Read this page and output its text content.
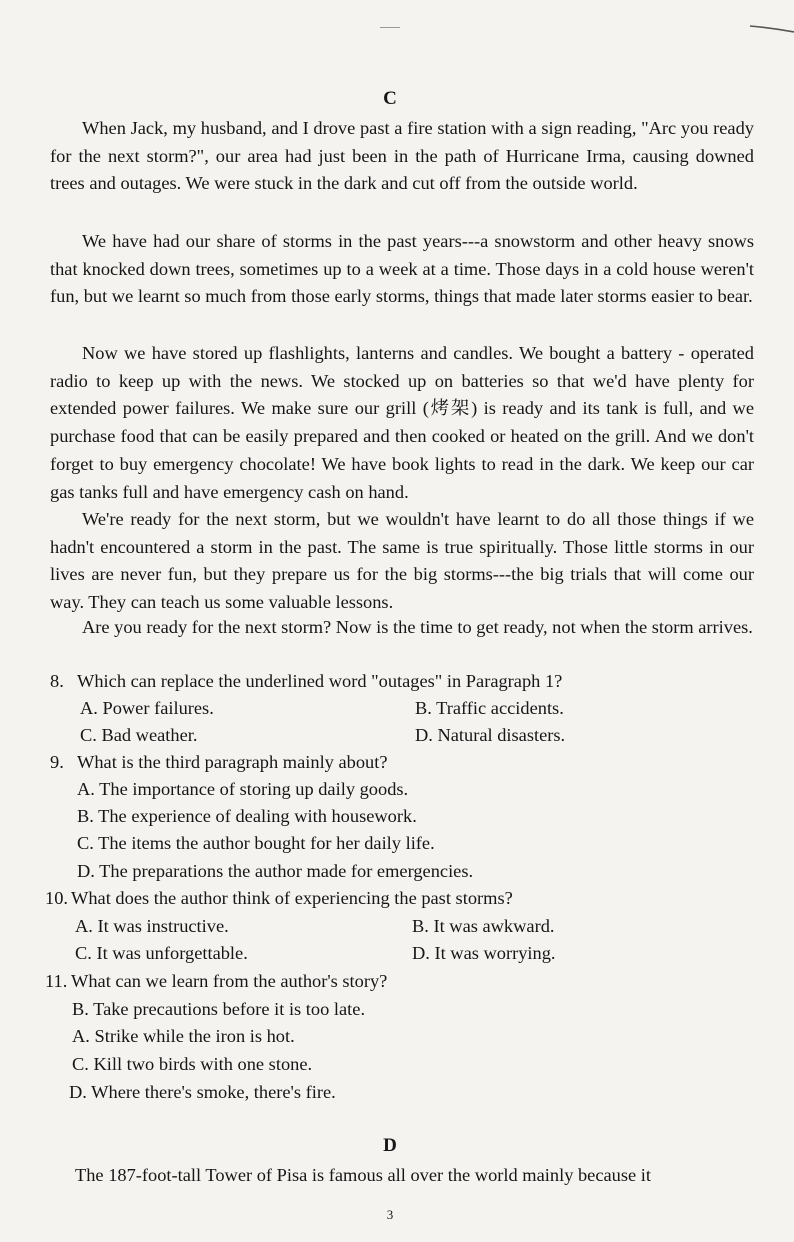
C

When Jack, my husband, and I drove past a fire station with a sign reading, "Arc you ready for the next storm?", our area had just been in the path of Hurricane Irma, causing downed trees and outages. We were stuck in the dark and cut off from the outside world.

We have had our share of storms in the past years---a snowstorm and other heavy snows that knocked down trees, sometimes up to a week at a time. Those days in a cold house weren't fun, but we learnt so much from those early storms, things that made later storms easier to bear.

Now we have stored up flashlights, lanterns and candles. We bought a battery - operated radio to keep up with the news. We stocked up on batteries so that we'd have plenty for extended power failures. We make sure our grill (烤架) is ready and its tank is full, and we purchase food that can be easily prepared and then cooked or heated on the grill. And we don't forget to buy emergency chocolate! We have book lights to read in the dark. We keep our car gas tanks full and have emergency cash on hand.

We're ready for the next storm, but we wouldn't have learnt to do all those things if we hadn't encountered a storm in the past. The same is true spiritually. Those little storms in our lives are never fun, but they prepare us for the big storms---the big trials that will come our way. They can teach us some valuable lessons.

Are you ready for the next storm? Now is the time to get ready, not when the storm arrives.

8. Which can replace the underlined word "outages" in Paragraph 1?
A. Power failures.	B. Traffic accidents.
C. Bad weather.	D. Natural disasters.
9. What is the third paragraph mainly about?
A. The importance of storing up daily goods.
B. The experience of dealing with housework.
C. The items the author bought for her daily life.
D. The preparations the author made for emergencies.
10. What does the author think of experiencing the past storms?
A. It was instructive.	B. It was awkward.
C. It was unforgettable.	D. It was worrying.
11. What can we learn from the author's story?
B. Take precautions before it is too late.
A. Strike while the iron is hot.
C. Kill two birds with one stone.
D. Where there's smoke, there's fire.
D
The 187-foot-tall Tower of Pisa is famous all over the world mainly because it
3
